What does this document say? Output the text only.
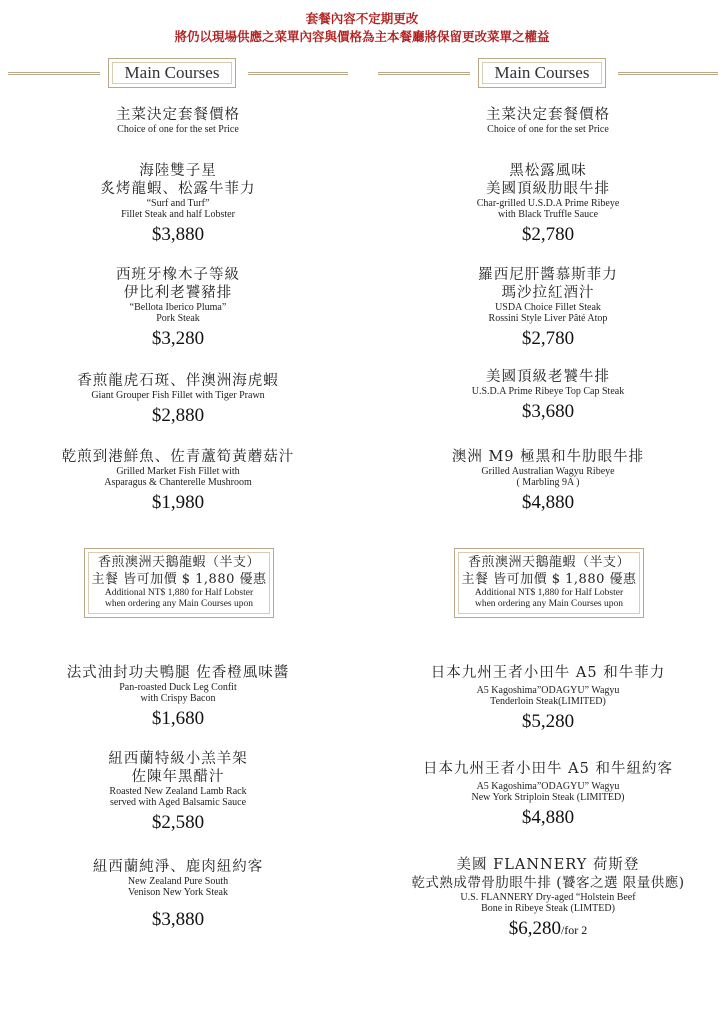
套餐內容不定期更改
將仍以現場供應之菜單內容與價格為主本餐廳將保留更改菜單之權益
Main Courses
主菜決定套餐價格
Choice of one for the set Price
海陸雙子星
炙烤龍蝦、松露牛菲力
“Surf and Turf”
Fillet Steak and half Lobster
$3,880
西班牙橡木子等級
伊比利老饕豬排
“Bellota Iberico Pluma”
Pork Steak
$3,280
香煎龍虎石斑、伴澳洲海虎蝦
Giant Grouper Fish Fillet with Tiger Prawn
$2,880
乾煎到港鮮魚、佐青蘆筍黃蘑菇汁
Grilled Market Fish Fillet with
Asparagus & Chanterelle Mushroom
$1,980
香煎澳洲天鵝龍蝦（半支）
主餐 皆可加價 $ 1,880 優惠
Additional NT$ 1,880 for Half Lobster
when ordering any Main Courses upon
法式油封功夫鴨腿 佐香橙風味醬
Pan-roasted Duck Leg Confit
with Crispy Bacon
$1,680
紐西蘭特級小羔羊架
佐陳年黑醋汁
Roasted New Zealand Lamb Rack
served with Aged Balsamic Sauce
$2,580
紐西蘭純淨、鹿肉紐約客
New Zealand Pure South
Venison New York Steak
$3,880
Main Courses
主菜決定套餐價格
Choice of one for the set Price
黑松露風味
美國頂級肋眼牛排
Char-grilled U.S.D.A Prime Ribeye
with Black Truffle Sauce
$2,780
羅西尼肝醬慕斯菲力
瑪沙拉紅酒汁
USDA Choice Fillet Steak
Rossini Style Liver Pâté Atop
$2,780
美國頂級老饕牛排
U.S.D.A Prime Ribeye Top Cap Steak
$3,680
澳洲 M9 極黑和牛肋眼牛排
Grilled Australian Wagyu Ribeye
( Marbling 9A )
$4,880
香煎澳洲天鵝龍蝦（半支）
主餐 皆可加價 $ 1,880 優惠
Additional NT$ 1,880 for Half Lobster
when ordering any Main Courses upon
日本九州王者小田牛 A5 和牛菲力
A5 Kagoshima”ODAGYU” Wagyu
Tenderloin Steak(LIMITED)
$5,280
日本九州王者小田牛 A5 和牛紐約客
A5 Kagoshima”ODAGYU” Wagyu
New York Striploin Steak (LIMITED)
$4,880
美國 FLANNERY 荷斯登
乾式熟成帶骨肋眼牛排 (饕客之選 限量供應)
U.S. FLANNERY Dry-aged “Holstein Beef
Bone in Ribeye Steak (LIMTED)
$6,280/for 2
